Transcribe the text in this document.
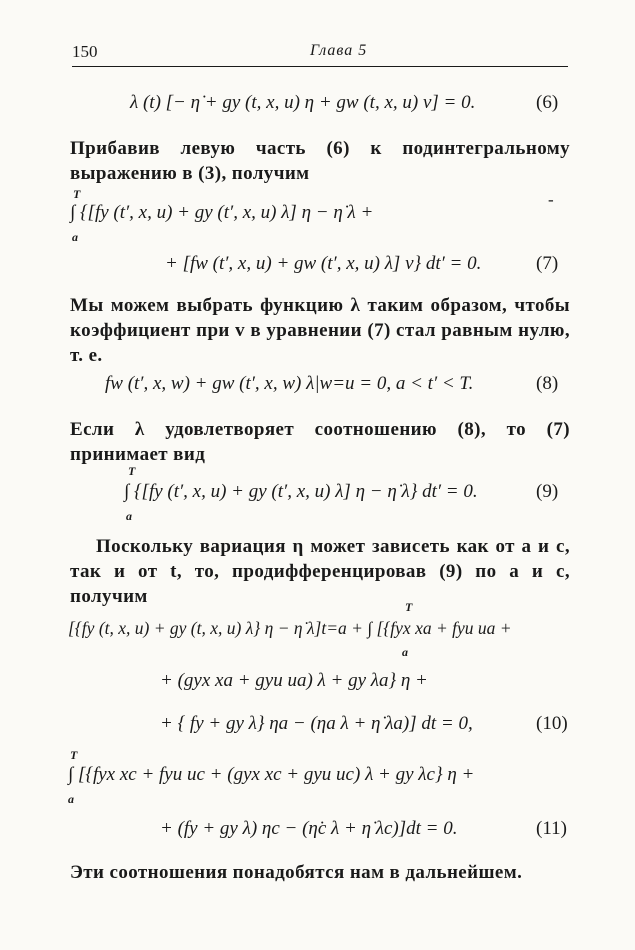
150	Глава 5
λ (t) [− η̇ + gy (t, x, u) η + gw (t, x, u) v] = 0.	(6)
Прибавив левую часть (6) к подинтегральному выражению в (3), получим
T
∫ {[fy (t′, x, u) + gy (t′, x, u) λ] η − η̇ λ +
a
-
+ [fw (t′, x, u) + gw (t′, x, u) λ] v} dt′ = 0.	(7)
Мы можем выбрать функцию λ таким образом, чтобы коэффициент при v в уравнении (7) стал равным нулю, т. е.
fw (t′, x, w) + gw (t′, x, w) λ|w=u = 0, a < t′ < T.	(8)
Если λ удовлетворяет соотношению (8), то (7) принимает вид
T
∫ {[fy (t′, x, u) + gy (t′, x, u) λ] η − η̇ λ} dt′ = 0.
a
(9)
Поскольку вариация η может зависеть как от a и c, так и от t, то, продифференцировав (9) по a и c, получим	T
[{fy (t, x, u) + gy (t, x, u) λ} η − η̇ λ]t=a + ∫ [{fyx xa + fyu ua +
a
+ (gyx xa + gyu ua) λ + gy λa} η +
+ { fy + gy λ} ηa − (ηa λ + η̇ λa)] dt = 0,	(10)
T
∫ [{fyx xc + fyu uc + (gyx xc + gyu uc) λ + gy λc} η +
a
+ (fy + gy λ) ηc − (η̇c λ + η̇ λc)]dt = 0.	(11)
Эти соотношения понадобятся нам в дальнейшем.
